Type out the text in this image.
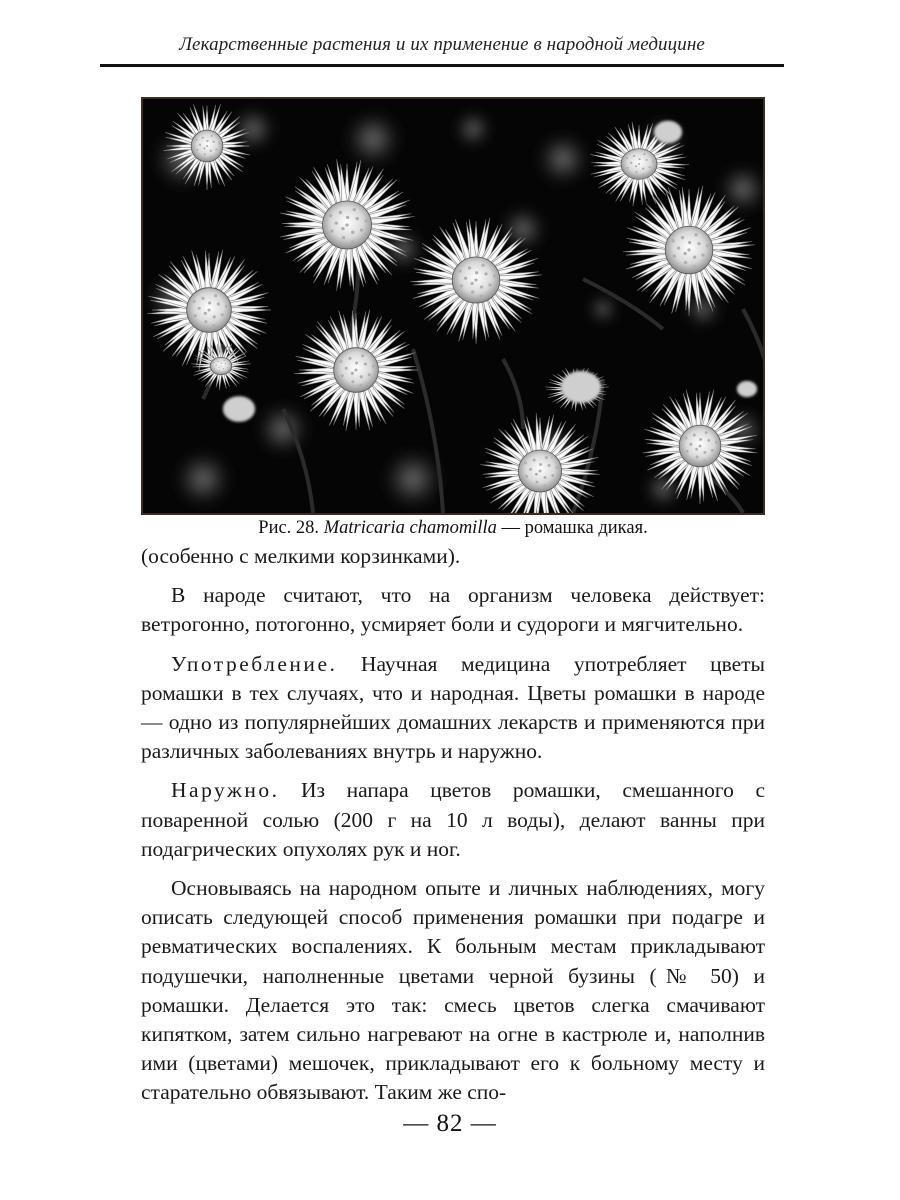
Лекарственные растения и их применение в народной медицине
Рис. 28. Matricaria chamomilla — ромашка дикая.

(особенно с мелкими корзинками).

В народе считают, что на организм человека действует: ветрогонно, потогонно, усмиряет боли и судороги и мягчительно.

Употребление. Научная медицина употребляет цветы ромашки в тех случаях, что и народная. Цветы ромашки в народе — одно из популярнейших домашних лекарств и применяются при различных заболеваниях внутрь и наружно.

Наружно. Из напара цветов ромашки, смешанного с поваренной солью (200 г на 10 л воды), делают ванны при подагрических опухолях рук и ног.

Основываясь на народном опыте и личных наблюдениях, могу описать следующей способ применения ромашки при подагре и ревматических воспалениях. К больным местам прикладывают подушечки, наполненные цветами черной бузины (№ 50) и ромашки. Делается это так: смесь цветов слегка смачивают кипятком, затем сильно нагревают на огне в кастрюле и, наполнив ими (цветами) мешочек, прикладывают его к больному месту и старательно обвязывают. Таким же спо-

— 82 —
